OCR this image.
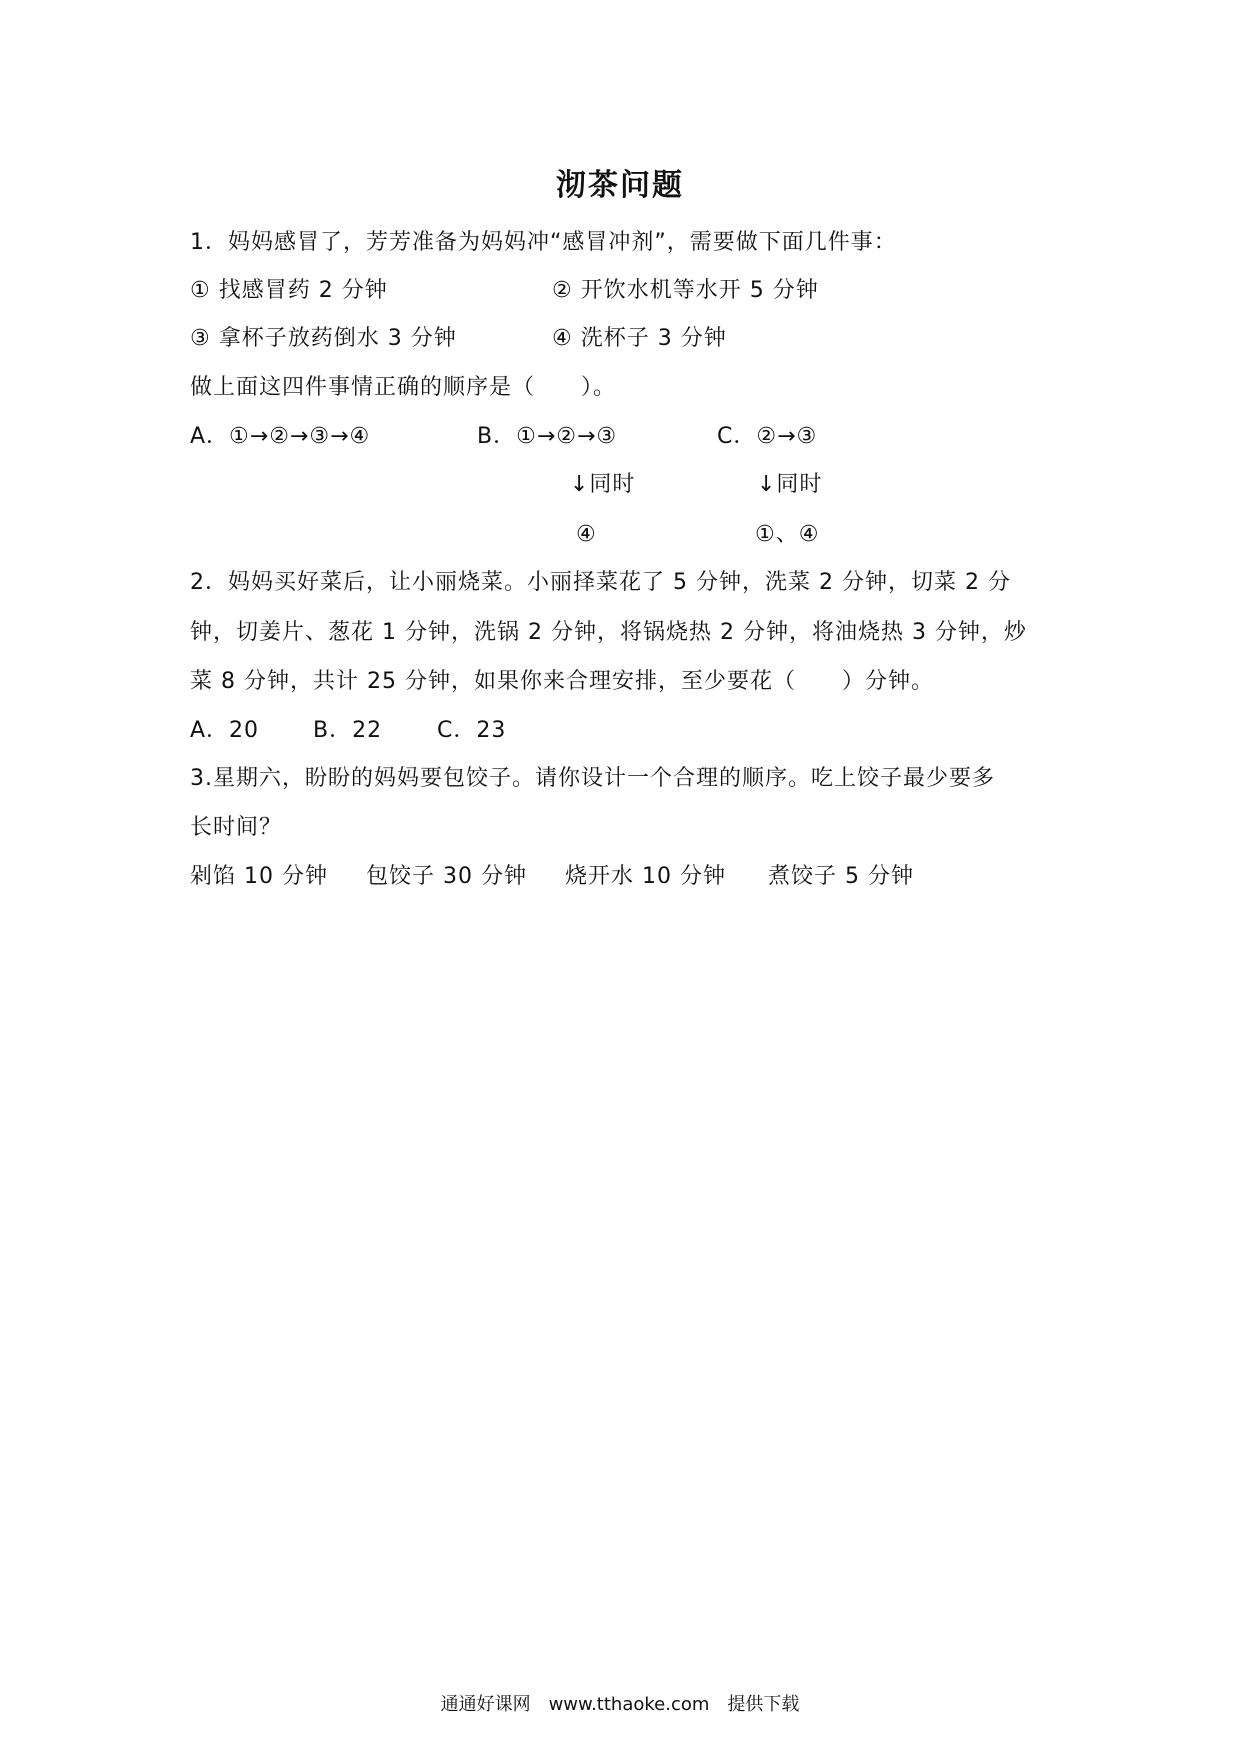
沏茶问题
1．妈妈感冒了，芳芳准备为妈妈冲“感冒冲剂”，需要做下面几件事：
① 找感冒药 2 分钟	② 开饮水机等水开 5 分钟
③ 拿杯子放药倒水 3 分钟	④ 洗杯子 3 分钟
做上面这四件事情正确的顺序是（　　）。
A．①→②→③→④	B．①→②→③
↓同时
④
C．②→③
↓同时
①、④
2．妈妈买好菜后，让小丽烧菜。小丽择菜花了 5 分钟，洗菜 2 分钟，切菜 2 分
钟，切姜片、葱花 1 分钟，洗锅 2 分钟，将锅烧热 2 分钟，将油烧热 3 分钟，炒
菜 8 分钟，共计 25 分钟，如果你来合理安排，至少要花（　　）分钟。
A．20 B．22 C．23
3.星期六，盼盼的妈妈要包饺子。请你设计一个合理的顺序。吃上饺子最少要多
长时间？
剁馅 10 分钟 包饺子 30 分钟 烧开水 10 分钟 煮饺子 5 分钟
通通好课网　www.tthaoke.com　提供下载
